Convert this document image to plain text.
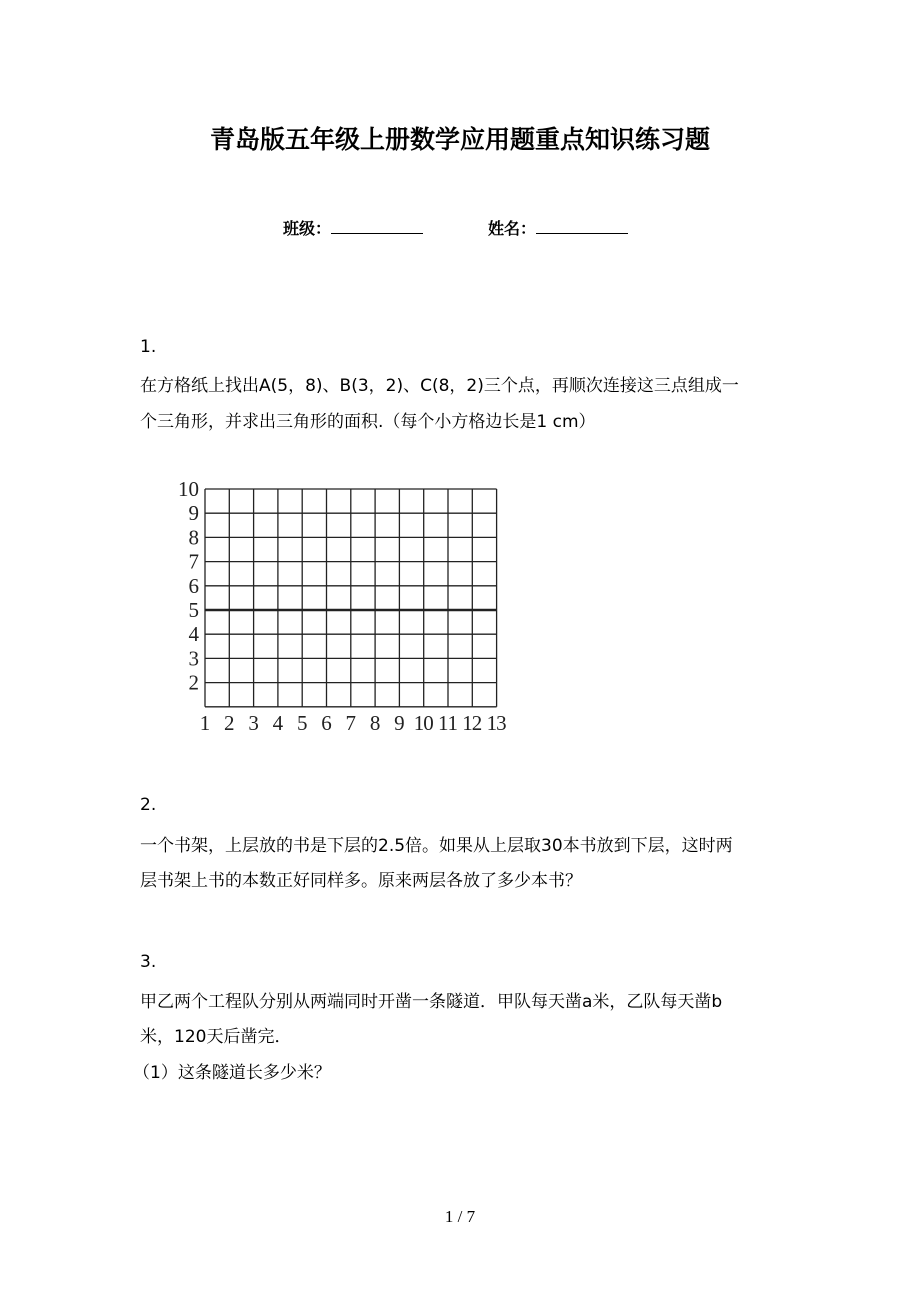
青岛版五年级上册数学应用题重点知识练习题
班级：	姓名：
1.
在方格纸上找出A(5，8)、B(3，2)、C(8，2)三个点，再顺次连接这三点组成一
个三角形，并求出三角形的面积.（每个小方格边长是1 cm）
10
9
8
7
6
5
4
3
2
1 2 3 4 5 6 7 8 9 10 11 12 13
2.
一个书架，上层放的书是下层的2.5倍。如果从上层取30本书放到下层，这时两
层书架上书的本数正好同样多。原来两层各放了多少本书？
3.
甲乙两个工程队分别从两端同时开凿一条隧道．甲队每天凿a米，乙队每天凿b
米，120天后凿完．
（1）这条隧道长多少米？
1 / 7
